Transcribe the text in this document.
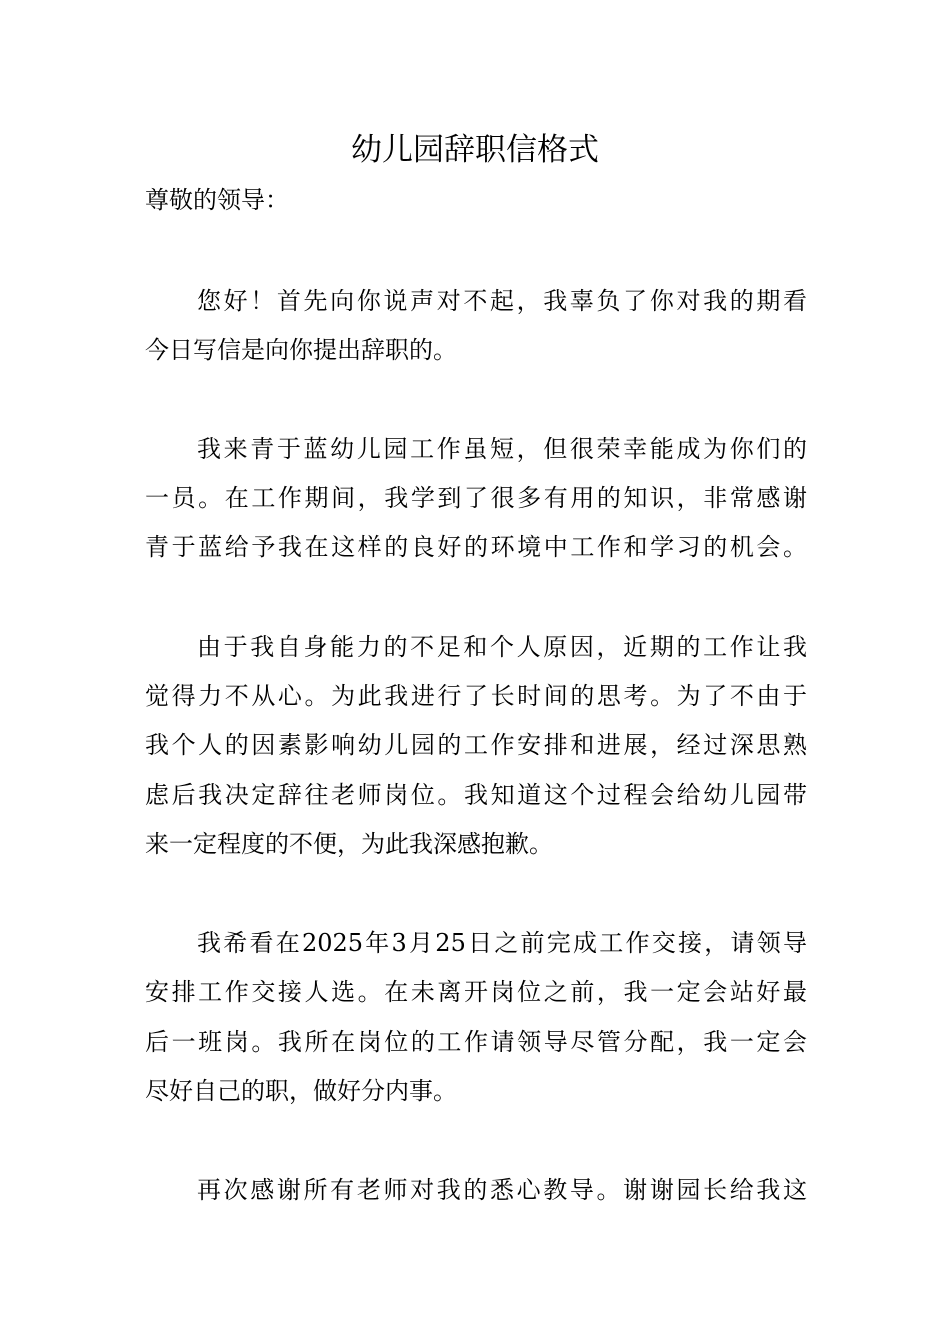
幼儿园辞职信格式

尊敬的领导：

您好！首先向你说声对不起，我辜负了你对我的期看

今日写信是向你提出辞职的。

我来青于蓝幼儿园工作虽短，但很荣幸能成为你们的

一员。在工作期间，我学到了很多有用的知识，非常感谢

青于蓝给予我在这样的良好的环境中工作和学习的机会。

由于我自身能力的不足和个人原因，近期的工作让我

觉得力不从心。为此我进行了长时间的思考。为了不由于

我个人的因素影响幼儿园的工作安排和进展，经过深思熟

虑后我决定辞往老师岗位。我知道这个过程会给幼儿园带

来一定程度的不便，为此我深感抱歉。

我希看在2025年3月25日之前完成工作交接，请领导

安排工作交接人选。在未离开岗位之前，我一定会站好最

后一班岗。我所在岗位的工作请领导尽管分配，我一定会

尽好自己的职，做好分内事。

再次感谢所有老师对我的悉心教导。谢谢园长给我这
